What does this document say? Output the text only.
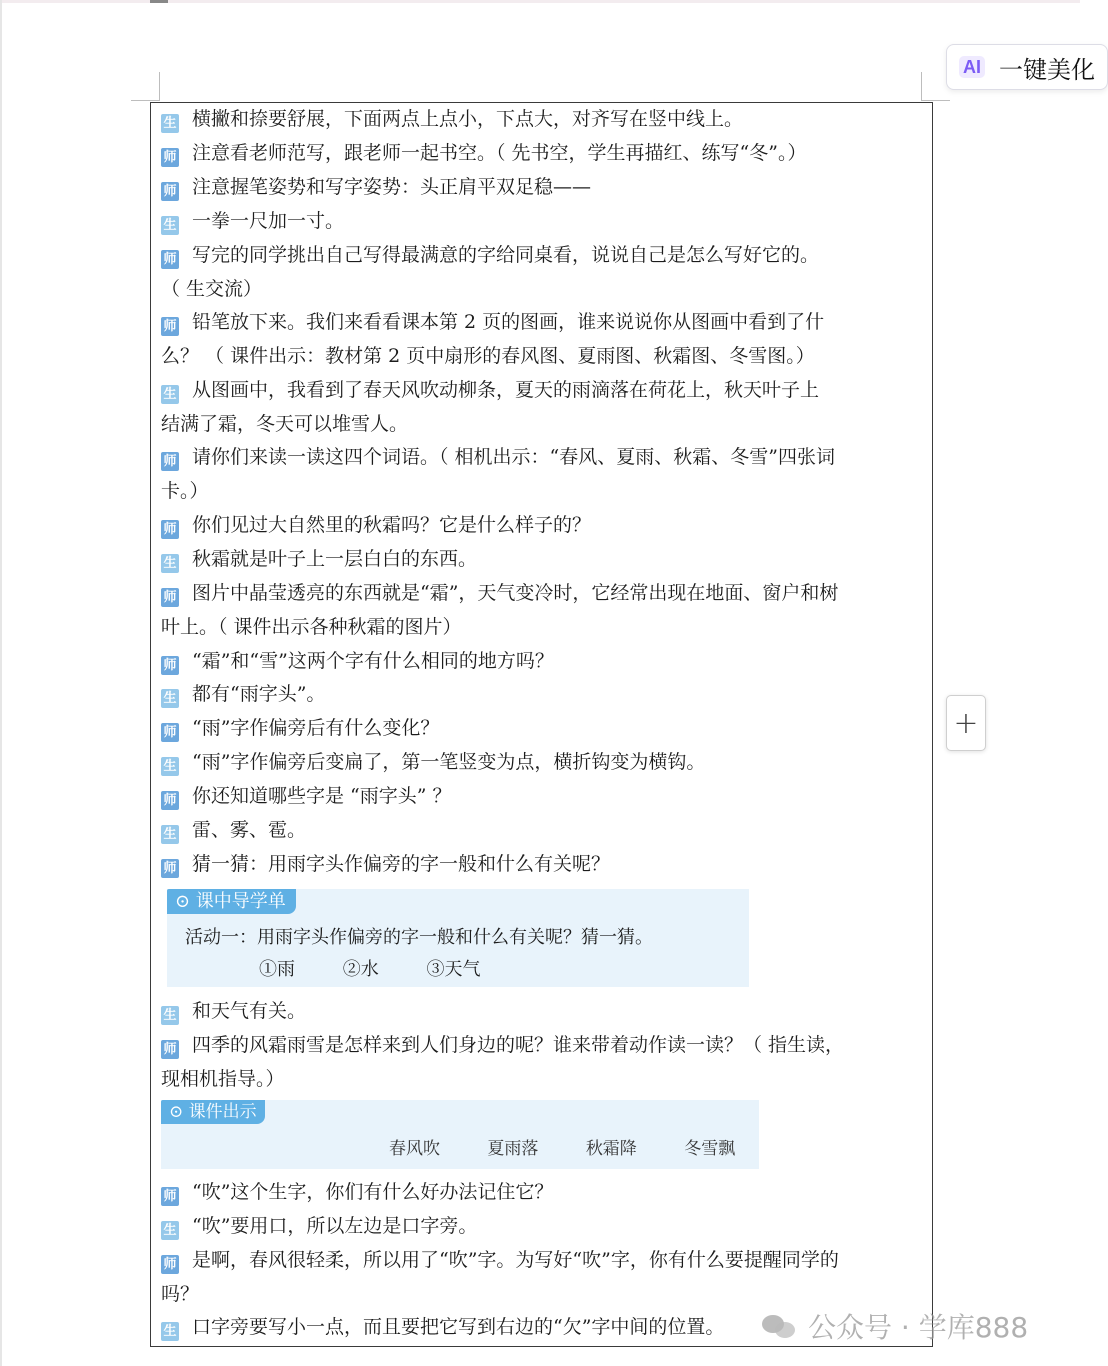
AI 一键美化
+
生 横撇和捺要舒展，下面两点上点小，下点大，对齐写在竖中线上。
师 注意看老师范写，跟老师一起书空。（ 先书空，学生再描红、练写“冬”。）
师 注意握笔姿势和写字姿势：头正肩平双足稳——
生 一拳一尺加一寸。
师 写完的同学挑出自己写得最满意的字给同桌看，说说自己是怎么写好它的。
（ 生交流）
师 铅笔放下来。我们来看看课本第 2 页的图画，谁来说说你从图画中看到了什
么？ （ 课件出示：教材第 2 页中扇形的春风图、夏雨图、秋霜图、冬雪图。）
生 从图画中，我看到了春天风吹动柳条，夏天的雨滴落在荷花上，秋天叶子上
结满了霜，冬天可以堆雪人。
师 请你们来读一读这四个词语。（ 相机出示：“春风、夏雨、秋霜、冬雪”四张词
卡。）
师 你们见过大自然里的秋霜吗？它是什么样子的？
生 秋霜就是叶子上一层白白的东西。
师 图片中晶莹透亮的东西就是“霜”，天气变冷时，它经常出现在地面、窗户和树
叶上。（ 课件出示各种秋霜的图片）
师 “霜”和“雪”这两个字有什么相同的地方吗？
生 都有“雨字头”。
师 “雨”字作偏旁后有什么变化？
生 “雨”字作偏旁后变扁了，第一笔竖变为点，横折钩变为横钩。
师 你还知道哪些字是 “雨字头” ？
生 雷、雾、雹。
师 猜一猜：用雨字头作偏旁的字一般和什么有关呢？
⊙ 课中导学单
活动一：用雨字头作偏旁的字一般和什么有关呢？猜一猜。
①雨	②水	③天气
生 和天气有关。
师 四季的风霜雨雪是怎样来到人们身边的呢？谁来带着动作读一读？（ 指生读，
现相机指导。）
⊙ 课件出示
春风吹	夏雨落	秋霜降	冬雪飘
师 “吹”这个生字，你们有什么好办法记住它？
生 “吹”要用口，所以左边是口字旁。
师 是啊，春风很轻柔，所以用了“吹”字。为写好“吹”字，你有什么要提醒同学的
吗？
生 口字旁要写小一点，而且要把它写到右边的“欠”字中间的位置。	公众号 · 学库888
